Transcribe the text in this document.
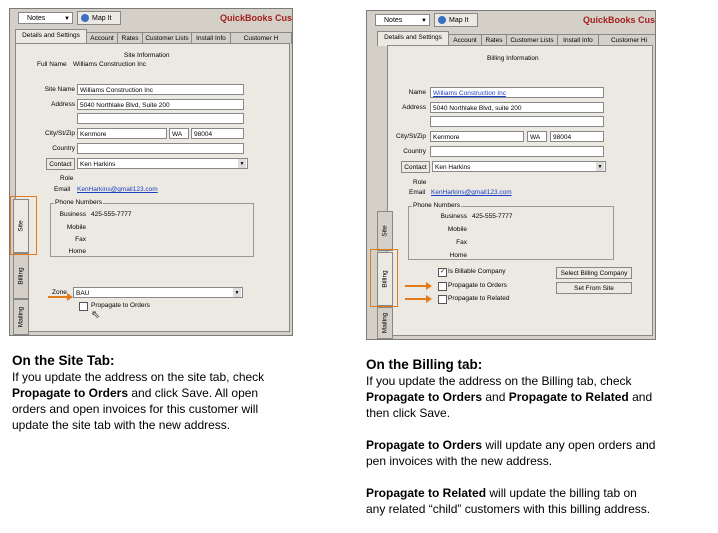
Notes	▼	Map It	QuickBooks Cus
Details and Settings	Account	Rates	Customer Lists	Install Info	Customer H
Site Information
Full Name Williams Construction Inc
Site Name Williams Construction Inc
Address 5040 Northlake Blvd, Suite 200
City/St/Zip Kenmore	WA	98004
Country
Contact	Ken Harkins	▼
Role
Email KenHarkins@gmail123.com
Phone Numbers
Business 425-555-7777
Mobile
Fax
Home
Zone	BAU	▼
Propagate to Orders
⇖
Site
Billing
Mailing
Notes	▼	Map It	QuickBooks Cus
Details and Settings	Account	Rates	Customer Lists	Install Info	Customer Hi
Billing Information
Name	Williams Construction Inc
Address	5040 Northlake Blvd, suite 200
City/St/Zip	Kenmore	WA	98004
Country
Contact	Ken Harkins	▼
Role
Email KenHarkins@gmail123.com
Phone Numbers
Business 425-555-7777
Mobile
Fax
Home
✓ Is Billable Company	Select Billing Company
Set From Site
Propagate to Orders
Propagate to Related
Site
Billing
Mailing
On the Site Tab:
If you update the address on the site tab, check
Propagate to Orders and click Save. All open
orders and open invoices for this customer will
update the site tab with the new address.
On the Billing tab:

If you update the address on the Billing tab, check
Propagate to Orders and Propagate to Related and
then click Save.

Propagate to Orders will update any open orders and
pen invoices with the new address.

Propagate to Related will update the billing tab on
any related “child” customers with this billing address.
